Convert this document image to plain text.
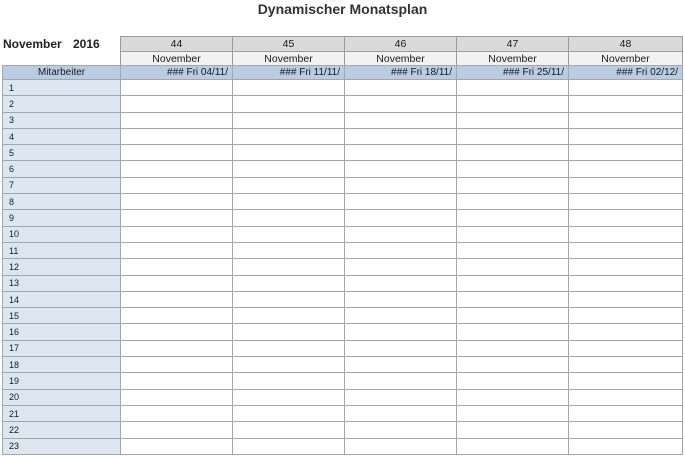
Dynamischer Monatsplan
November 2016	44	45	46	47	48
November	November	November	November	November
Mitarbeiter	### Fri 04/11/	### Fri 11/11/	### Fri 18/11/	### Fri 25/11/	### Fri 02/12/
1					
2					
3					
4					
5					
6					
7					
8					
9					
10					
11					
12					
13					
14					
15					
16					
17					
18					
19					
20					
21					
22					
23					
